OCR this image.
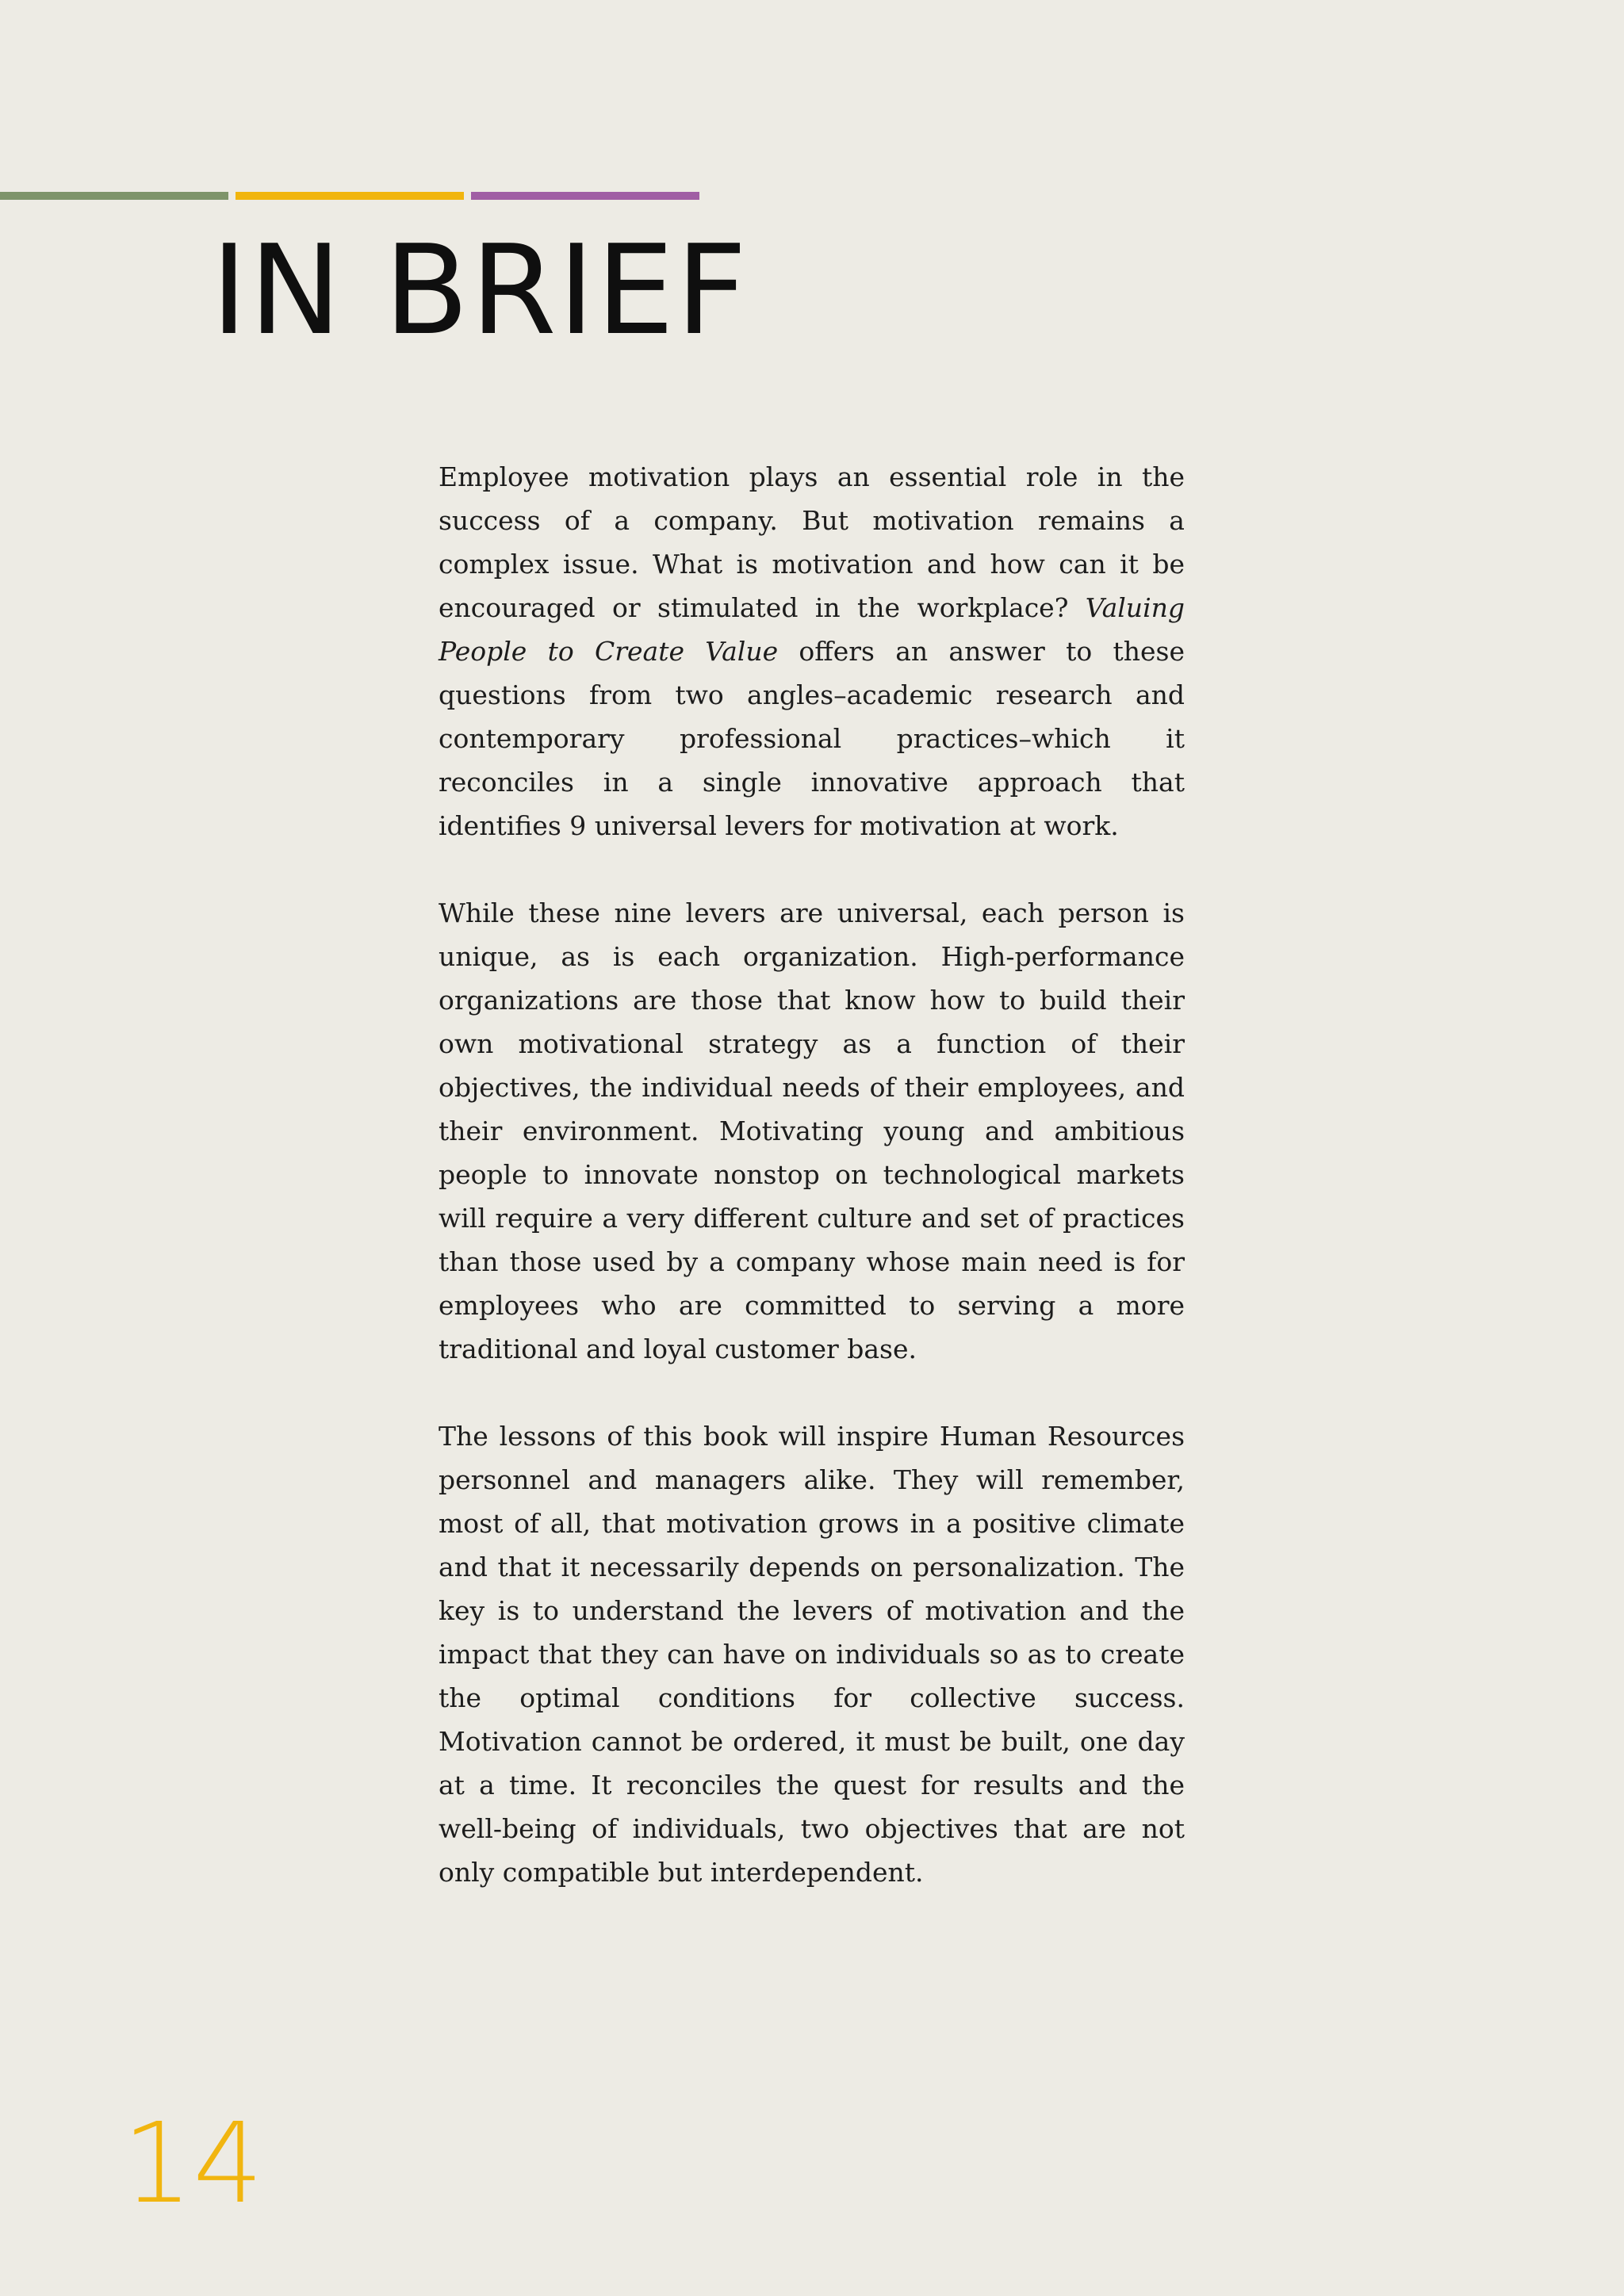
IN BRIEF

Employee motivation plays an essential role in the success of a company. But motivation remains a complex issue. What is motivation and how can it be encouraged or stimulated in the workplace? Valuing People to Create Value offers an answer to these questions from two angles–academic research and contemporary professional practices–which it reconciles in a single innovative approach that identifies 9 universal levers for motivation at work.

While these nine levers are universal, each person is unique, as is each organization. High-performance organizations are those that know how to build their own motivational strategy as a function of their objectives, the individual needs of their employees, and their environment. Motivating young and ambitious people to innovate nonstop on technological markets will require a very different culture and set of practices than those used by a company whose main need is for employees who are committed to serving a more traditional and loyal customer base.

The lessons of this book will inspire Human Resources personnel and managers alike. They will remember, most of all, that motivation grows in a positive climate and that it necessarily depends on personalization. The key is to understand the levers of motivation and the impact that they can have on individuals so as to create the optimal conditions for collective success. Motivation cannot be ordered, it must be built, one day at a time. It reconciles the quest for results and the well-being of individuals, two objectives that are not only compatible but interdependent.

14
